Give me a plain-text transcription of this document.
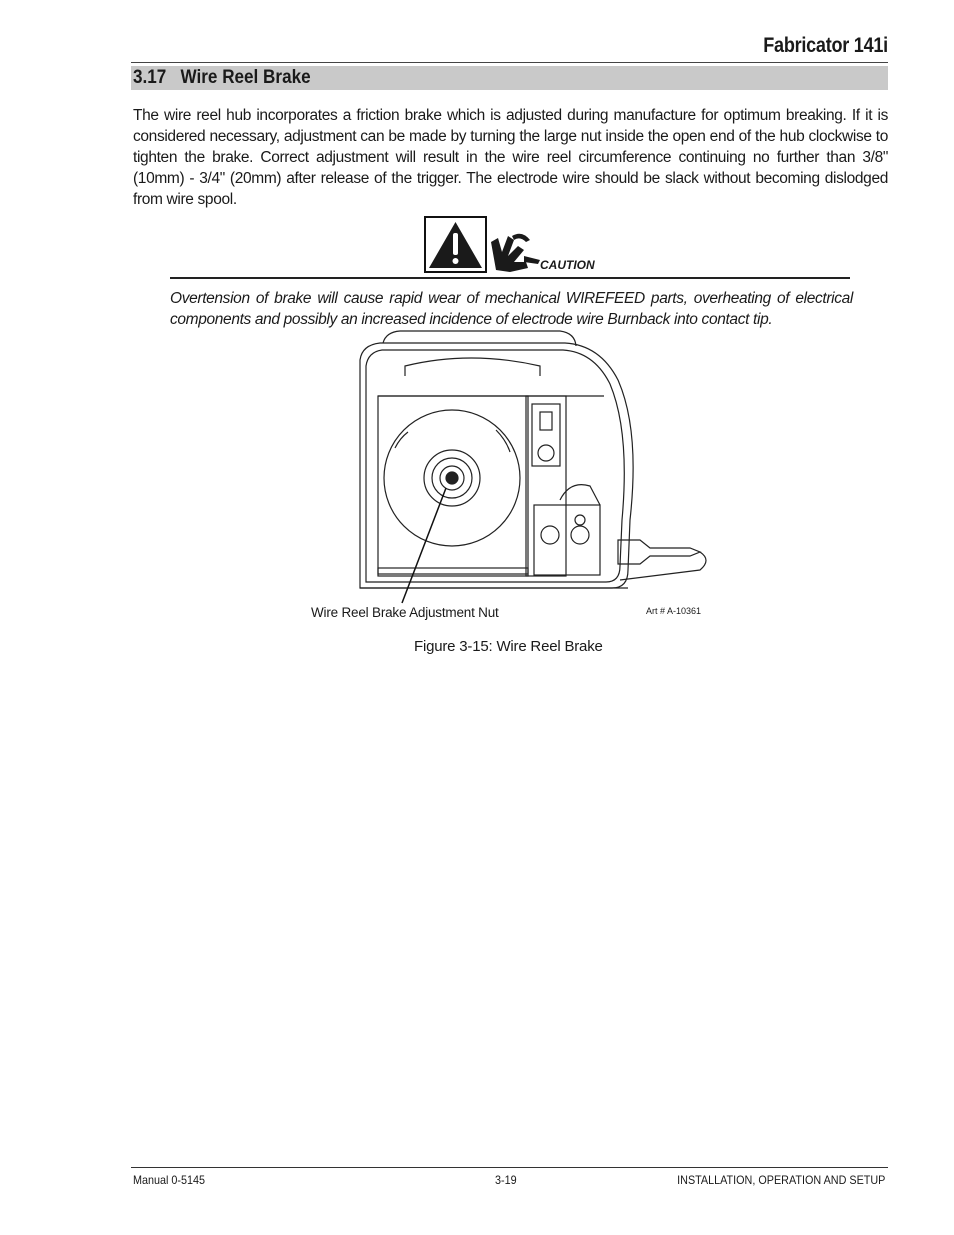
Fabricator 141i
3.17   Wire Reel Brake

The wire reel hub incorporates a friction brake which is adjusted during manufacture for optimum breaking. If it is considered necessary, adjustment can be made by turning the large nut inside the open end of the hub clockwise to tighten the brake. Correct adjustment will result in the wire reel circumference continuing no further than 3/8" (10mm) - 3/4" (20mm) after release of the trigger. The electrode wire should be slack without becoming dislodged from wire spool.

CAUTION

Overtension of brake will cause rapid wear of mechanical WIREFEED parts, overheating of electrical components and possibly an increased incidence of electrode wire Burnback into contact tip.

Wire Reel Brake Adjustment Nut	Art # A-10361
Figure 3-15: Wire Reel Brake
Manual 0-5145	3-19	INSTALLATION, OPERATION AND SETUP
